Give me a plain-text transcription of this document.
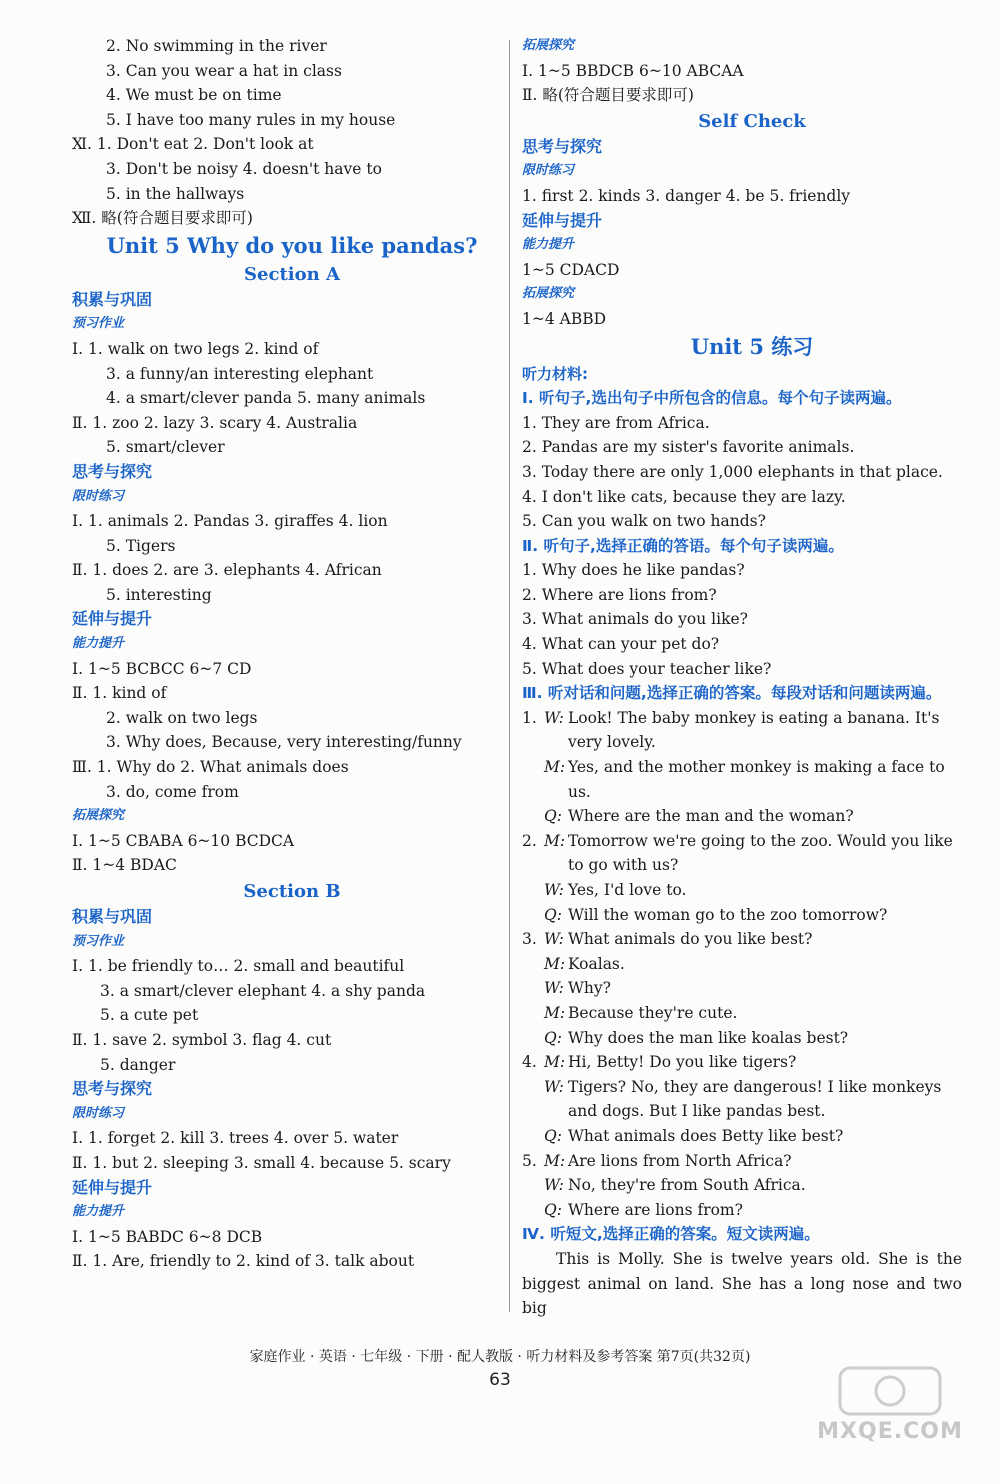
2. No swimming in the river
3. Can you wear a hat in class
4. We must be on time
5. I have too many rules in my house
Ⅺ. 1. Don't eat 2. Don't look at
3. Don't be noisy 4. doesn't have to
5. in the hallways
Ⅻ. 略(符合题目要求即可)
Unit 5 Why do you like pandas?
Section A
积累与巩固
预习作业
Ⅰ. 1. walk on two legs 2. kind of
3. a funny/an interesting elephant
4. a smart/clever panda 5. many animals
Ⅱ. 1. zoo 2. lazy 3. scary 4. Australia
5. smart/clever
思考与探究
限时练习
Ⅰ. 1. animals 2. Pandas 3. giraffes 4. lion
5. Tigers
Ⅱ. 1. does 2. are 3. elephants 4. African
5. interesting
延伸与提升
能力提升
Ⅰ. 1~5 BCBCC 6~7 CD
Ⅱ. 1. kind of
2. walk on two legs
3. Why does, Because, very interesting/funny
Ⅲ. 1. Why do 2. What animals does
3. do, come from
拓展探究
Ⅰ. 1~5 CBABA 6~10 BCDCA
Ⅱ. 1~4 BDAC
Section B
积累与巩固
预习作业
Ⅰ. 1. be friendly to… 2. small and beautiful
3. a smart/clever elephant 4. a shy panda
5. a cute pet
Ⅱ. 1. save 2. symbol 3. flag 4. cut
5. danger
思考与探究
限时练习
Ⅰ. 1. forget 2. kill 3. trees 4. over 5. water
Ⅱ. 1. but 2. sleeping 3. small 4. because 5. scary
延伸与提升
能力提升
Ⅰ. 1~5 BABDC 6~8 DCB
Ⅱ. 1. Are, friendly to 2. kind of 3. talk about
拓展探究
Ⅰ. 1~5 BBDCB 6~10 ABCAA
Ⅱ. 略(符合题目要求即可)
Self Check
思考与探究
限时练习
1. first 2. kinds 3. danger 4. be 5. friendly
延伸与提升
能力提升
1~5 CDACD
拓展探究
1~4 ABBD
Unit 5 练习
听力材料:
Ⅰ. 听句子,选出句子中所包含的信息。每个句子读两遍。
1. They are from Africa.
2. Pandas are my sister's favorite animals.
3. Today there are only 1,000 elephants in that place.
4. I don't like cats, because they are lazy.
5. Can you walk on two hands?
Ⅱ. 听句子,选择正确的答语。每个句子读两遍。
1. Why does he like pandas?
2. Where are lions from?
3. What animals do you like?
4. What can your pet do?
5. What does your teacher like?
Ⅲ. 听对话和问题,选择正确的答案。每段对话和问题读两遍。
1. W: Look! The baby monkey is eating a banana. It's very lovely.
M: Yes, and the mother monkey is making a face to us.
Q: Where are the man and the woman?
2. M: Tomorrow we're going to the zoo. Would you like to go with us?
W: Yes, I'd love to.
Q: Will the woman go to the zoo tomorrow?
3. W: What animals do you like best?
M: Koalas.
W: Why?
M: Because they're cute.
Q: Why does the man like koalas best?
4. M: Hi, Betty! Do you like tigers?
W: Tigers? No, they are dangerous! I like monkeys and dogs. But I like pandas best.
Q: What animals does Betty like best?
5. M: Are lions from North Africa?
W: No, they're from South Africa.
Q: Where are lions from?
Ⅳ. 听短文,选择正确的答案。短文读两遍。
This is Molly. She is twelve years old. She is the biggest animal on land. She has a long nose and two big
家庭作业 · 英语 · 七年级 · 下册 · 配人教版 · 听力材料及参考答案 第7页(共32页)
63
MXQE.COM
